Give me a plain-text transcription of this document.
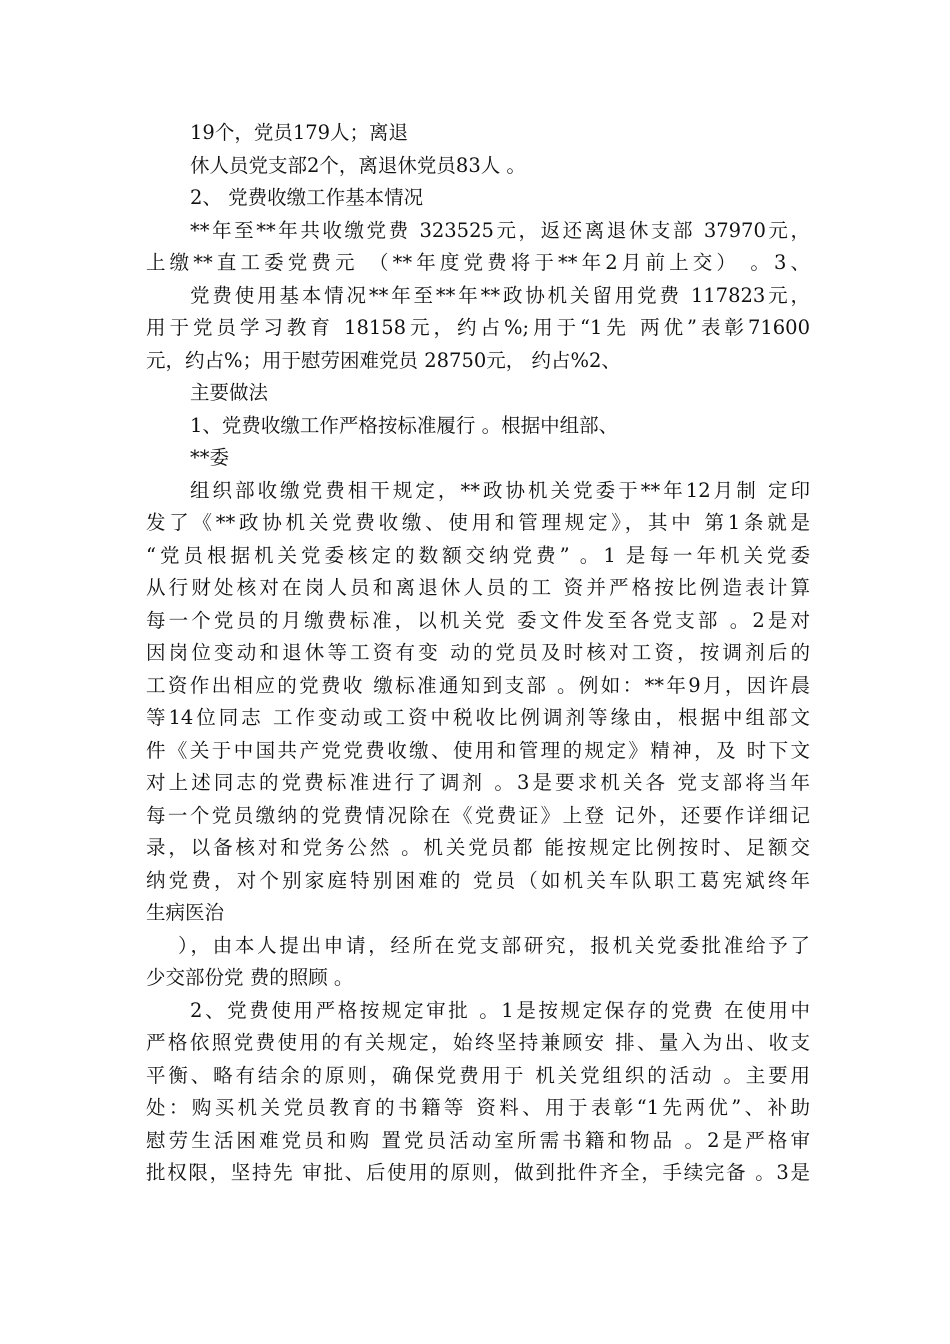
19个，党员179人；离退
休人员党支部2个，离退休党员83人 。
2、 党费收缴工作基本情况
**年至**年共收缴党费 323525元，返还离退休支部 37970元，
上缴**直工委党费元 （**年度党费将于**年2月前上交） 。3、
党费使用基本情况**年至**年**政协机关留用党费 117823元，
用于党员学习教育 18158元，约占%;用于“1先 两优”表彰71600
元，约占%；用于慰劳困难党员 28750元， 约占%2、
主要做法
1、党费收缴工作严格按标准履行 。根据中组部、
**委
组织部收缴党费相干规定，**政协机关党委于**年12月制 定印
发了《**政协机关党费收缴、使用和管理规定》，其中 第1条就是
“党员根据机关党委核定的数额交纳党费” 。1 是每一年机关党委
从行财处核对在岗人员和离退休人员的工 资并严格按比例造表计算
每一个党员的月缴费标准，以机关党 委文件发至各党支部 。2是对
因岗位变动和退休等工资有变 动的党员及时核对工资，按调剂后的
工资作出相应的党费收 缴标准通知到支部 。例如：**年9月，因许晨
等14位同志 工作变动或工资中税收比例调剂等缘由，根据中组部文
件《关于中国共产党党费收缴、使用和管理的规定》精神，及 时下文
对上述同志的党费标准进行了调剂 。3是要求机关各 党支部将当年
每一个党员缴纳的党费情况除在《党费证》上登 记外，还要作详细记
录，以备核对和党务公然 。机关党员都 能按规定比例按时、足额交
纳党费，对个别家庭特别困难的 党员（如机关车队职工葛宪斌终年
生病医治
），由本人提出申请，经所在党支部研究，报机关党委批准给予了
少交部份党 费的照顾 。
2、党费使用严格按规定审批 。1是按规定保存的党费 在使用中
严格依照党费使用的有关规定，始终坚持兼顾安 排、量入为出、收支
平衡、略有结余的原则，确保党费用于 机关党组织的活动 。主要用
处：购买机关党员教育的书籍等 资料、用于表彰“1先两优”、补助
慰劳生活困难党员和购 置党员活动室所需书籍和物品 。2是严格审
批权限，坚持先 审批、后使用的原则，做到批件齐全，手续完备 。3是
